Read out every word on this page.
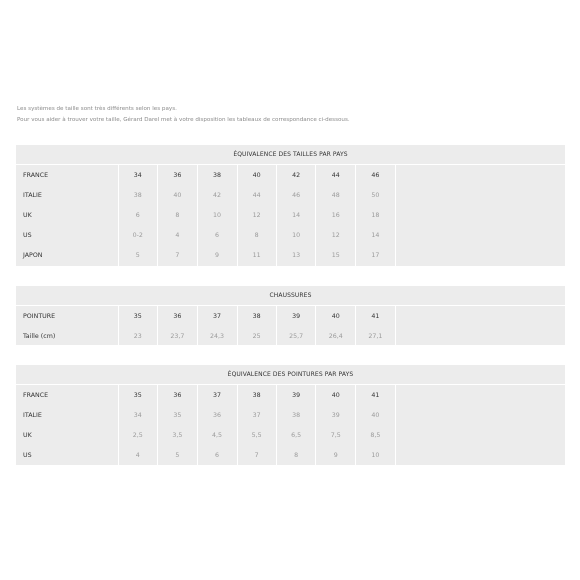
Les systèmes de taille sont très différents selon les pays.
Pour vous aider à trouver votre taille, Gérard Darel met à votre disposition les tableaux de correspondance ci-dessous.
ÉQUIVALENCE DES TAILLES PAR PAYS
FRANCE	34	36	38	40	42	44	46
ITALIE	38	40	42	44	46	48	50
UK	6	8	10	12	14	16	18
US	0-2	4	6	8	10	12	14
JAPON	5	7	9	11	13	15	17
CHAUSSURES
POINTURE	35	36	37	38	39	40	41
Taille (cm)	23	23,7	24,3	25	25,7	26,4	27,1
ÉQUIVALENCE DES POINTURES PAR PAYS
FRANCE	35	36	37	38	39	40	41
ITALIE	34	35	36	37	38	39	40
UK	2,5	3,5	4,5	5,5	6,5	7,5	8,5
US	4	5	6	7	8	9	10
